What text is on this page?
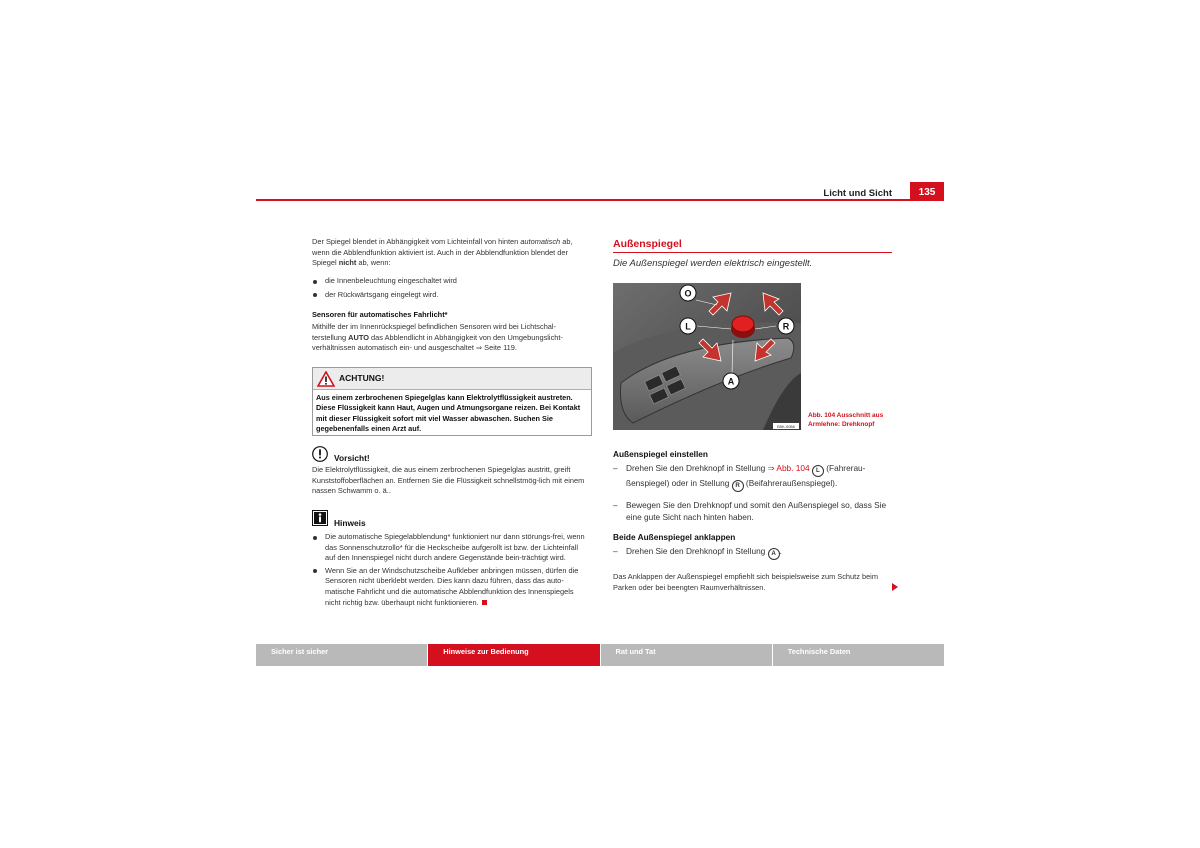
Licht und Sicht	135
Der Spiegel blendet in Abhängigkeit vom Lichteinfall von hinten automatisch ab, wenn die Abblendfunktion aktiviert ist. Auch in der Abblendfunktion blendet der Spiegel nicht ab, wenn:

die Innenbeleuchtung eingeschaltet wird

der Rückwärtsgang eingelegt wird.

Sensoren für automatisches Fahrlicht*
Mithilfe der im Innenrückspiegel befindlichen Sensoren wird bei Lichtschal-terstellung AUTO das Abblendlicht in Abhängigkeit von den Umgebungslicht-verhältnissen automatisch ein- und ausgeschaltet ⇒ Seite 119.
ACHTUNG!
Aus einem zerbrochenen Spiegelglas kann Elektrolytflüssigkeit austreten. Diese Flüssigkeit kann Haut, Augen und Atmungsorgane reizen. Bei Kontakt mit dieser Flüssigkeit sofort mit viel Wasser abwaschen. Suchen Sie gegebenenfalls einen Arzt auf.
Vorsicht!
Die Elektrolytflüssigkeit, die aus einem zerbrochenen Spiegelglas austritt, greift Kunststoffoberflächen an. Entfernen Sie die Flüssigkeit schnellstmög-lich mit einem nassen Schwamm o. ä..
Hinweis

Die automatische Spiegelabblendung* funktioniert nur dann störungs-frei, wenn das Sonnenschutzrollo* für die Heckscheibe aufgerollt ist bzw. der Lichteinfall auf den Innenspiegel nicht durch andere Gegenstände bein-trächtigt wird.

Wenn Sie an der Windschutzscheibe Aufkleber anbringen müssen, dürfen die Sensoren nicht überklebt werden. Dies kann dazu führen, dass das auto-matische Fahrlicht und die automatische Abblendfunktion des Innenspiegels nicht richtig bzw. überhaupt nicht funktionieren.

Außenspiegel
Die Außenspiegel werden elektrisch eingestellt.
O
L	R
A
B5K-0086
Abb. 104 Ausschnitt aus Armlehne: Drehknopf
Außenspiegel einstellen

– Drehen Sie den Drehknopf in Stellung ⇒ Abb. 104 L (Fahrerau-ßenspiegel) oder in Stellung R (Beifahreraußenspiegel).

– Bewegen Sie den Drehknopf und somit den Außenspiegel so, dass Sie eine gute Sicht nach hinten haben.

Beide Außenspiegel anklappen

– Drehen Sie den Drehknopf in Stellung A .

Das Anklappen der Außenspiegel empfiehlt sich beispielsweise zum Schutz beim Parken oder bei beengten Raumverhältnissen.
Sicher ist sicher	Hinweise zur Bedienung	Rat und Tat	Technische Daten
